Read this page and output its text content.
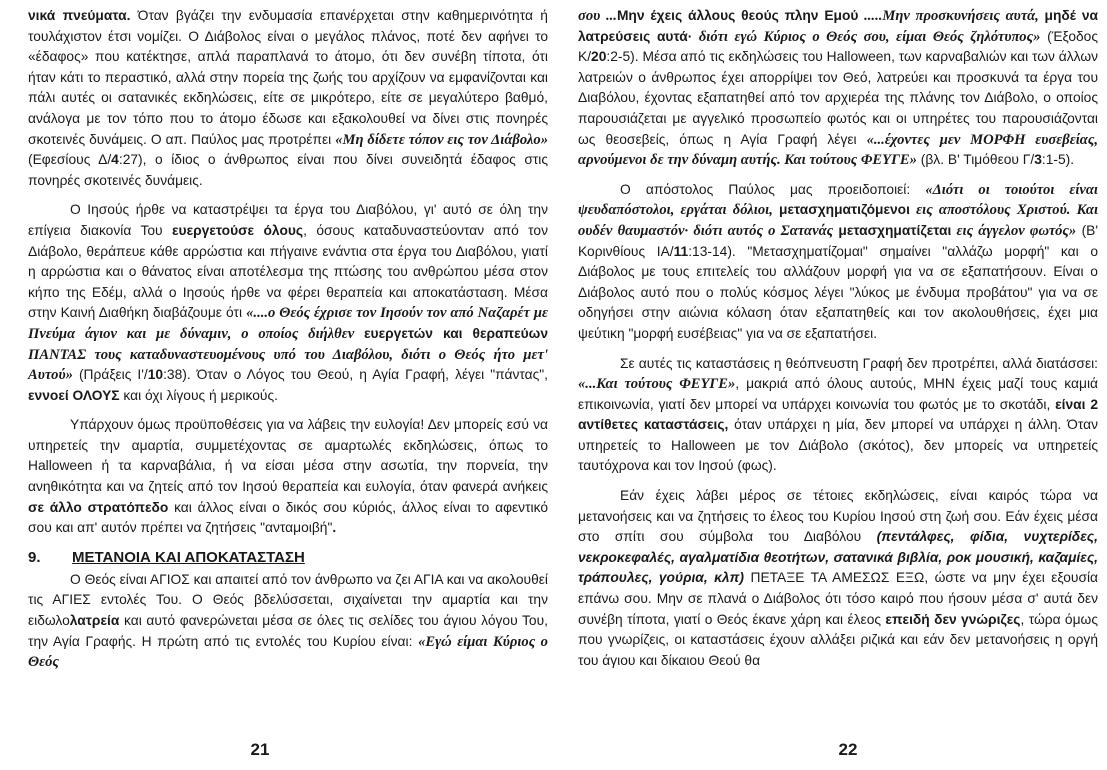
νικά πνεύματα. Όταν βγάζει την ενδυμασία επανέρχεται στην καθημερινότητα ή τουλάχιστον έτσι νομίζει. Ο Διάβολος είναι ο μεγάλος πλάνος, ποτέ δεν αφήνει το «έδαφος» που κατέκτησε, απλά παραπλανά το άτομο, ότι δεν συνέβη τίποτα, ότι ήταν κάτι το περαστικό, αλλά στην πορεία της ζωής του αρχίζουν να εμφανίζονται και πάλι αυτές οι σατανικές εκδηλώσεις, είτε σε μικρότερο, είτε σε μεγαλύτερο βαθμό, ανάλογα με τον τόπο που το άτομο έδωσε και εξακολουθεί να δίνει στις πονηρές σκοτεινές δυνάμεις. Ο απ. Παύλος μας προτρέπει «Μη δίδετε τόπον εις τον Διάβολο» (Εφεσίους Δ/4:27), ο ίδιος ο άνθρωπος είναι που δίνει συνειδητά έδαφος στις πονηρές σκοτεινές δυνάμεις.

Ο Ιησούς ήρθε να καταστρέψει τα έργα του Διαβόλου, γι' αυτό σε όλη την επίγεια διακονία Του ευεργετούσε όλους, όσους καταδυναστεύονταν από τον Διάβολο, θεράπευε κάθε αρρώστια και πήγαινε ενάντια στα έργα του Διαβόλου, γιατί η αρρώστια και ο θάνατος είναι αποτέλεσμα της πτώσης του ανθρώπου μέσα στον κήπο της Εδέμ, αλλά ο Ιησούς ήρθε να φέρει θεραπεία και αποκατάσταση. Μέσα στην Καινή Διαθήκη διαβάζουμε ότι «....ο Θεός έχρισε τον Ιησούν τον από Ναζαρέτ με Πνεύμα άγιον και με δύναμιν, ο οποίος διήλθεν ευεργετών και θεραπεύων ΠΑΝΤΑΣ τους καταδυναστευομένους υπό του Διαβόλου, διότι ο Θεός ήτο μετ' Αυτού» (Πράξεις Ι'/10:38). Όταν ο Λόγος του Θεού, η Αγία Γραφή, λέγει "πάντας", εννοεί ΟΛΟΥΣ και όχι λίγους ή μερικούς.

Υπάρχουν όμως προϋποθέσεις για να λάβεις την ευλογία! Δεν μπορείς εσύ να υπηρετείς την αμαρτία, συμμετέχοντας σε αμαρτωλές εκδηλώσεις, όπως το Halloween ή τα καρναβάλια, ή να είσαι μέσα στην ασωτία, την πορνεία, την ανηθικότητα και να ζητείς από τον Ιησού θεραπεία και ευλογία, όταν φανερά ανήκεις σε άλλο στρατόπεδο και άλλος είναι ο δικός σου κύριός, άλλος είναι το αφεντικό σου και απ' αυτόν πρέπει να ζητήσεις "ανταμοιβή".

9.	ΜΕΤΑΝΟΙΑ ΚΑΙ ΑΠΟΚΑΤΑΣΤΑΣΗ

Ο Θεός είναι ΑΓΙΟΣ και απαιτεί από τον άνθρωπο να ζει ΑΓΙΑ και να ακολουθεί τις ΑΓΙΕΣ εντολές Του. Ο Θεός βδελύσσεται, σιχαίνεται την αμαρτία και την ειδωλολατρεία και αυτό φανερώνεται μέσα σε όλες τις σελίδες του άγιου λόγου Του, την Αγία Γραφής. Η πρώτη από τις εντολές του Κυρίου είναι: «Εγώ είμαι Κύριος ο Θεός

21

σου ...Μην έχεις άλλους θεούς πλην Εμού .....Μην προσκυνήσεις αυτά, μηδέ να λατρεύσεις αυτά· διότι εγώ Κύριος ο Θεός σου, είμαι Θεός ζηλότυπος» (Έξοδος Κ/20:2-5). Μέσα από τις εκδηλώσεις του Halloween, των καρναβαλιών και των άλλων λατρειών ο άνθρωπος έχει απορρίψει τον Θεό, λατρεύει και προσκυνά τα έργα του Διαβόλου, έχοντας εξαπατηθεί από τον αρχιερέα της πλάνης τον Διάβολο, ο οποίος παρουσιάζεται με αγγελικό προσωπείο φωτός και οι υπηρέτες του παρουσιάζονται ως θεοσεβείς, όπως η Αγία Γραφή λέγει «...έχοντες μεν ΜΟΡΦΗ ευσεβείας, αρνούμενοι δε την δύναμη αυτής. Και τούτους ΦΕΥΓΕ» (βλ. Β' Τιμόθεου Γ/3:1-5).

Ο απόστολος Παύλος μας προειδοποιεί: «Διότι οι τοιούτοι είναι ψευδαπόστολοι, εργάται δόλιοι, μετασχηματιζόμενοι εις αποστόλους Χριστού. Και ουδέν θαυμαστόν· διότι αυτός ο Σατανάς μετασχηματίζεται εις άγγελον φωτός» (Β' Κορινθίους ΙΑ/11:13-14). "Μετασχηματίζομαι" σημαίνει "αλλάζω μορφή" και ο Διάβολος με τους επιτελείς του αλλάζουν μορφή για να σε εξαπατήσουν. Είναι ο Διάβολος αυτό που ο πολύς κόσμος λέγει "λύκος με ένδυμα προβάτου" για να σε οδηγήσει στην αιώνια κόλαση όταν εξαπατηθείς και τον ακολουθήσεις, έχει μια ψεύτικη "μορφή ευσέβειας" για να σε εξαπατήσει.

Σε αυτές τις καταστάσεις η θεόπνευστη Γραφή δεν προτρέπει, αλλά διατάσσει: «...Και τούτους ΦΕΥΓΕ», μακριά από όλους αυτούς, ΜΗΝ έχεις μαζί τους καμιά επικοινωνία, γιατί δεν μπορεί να υπάρχει κοινωνία του φωτός με το σκοτάδι, είναι 2 αντίθετες καταστάσεις, όταν υπάρχει η μία, δεν μπορεί να υπάρχει η άλλη. Όταν υπηρετείς το Halloween με τον Διάβολο (σκότος), δεν μπορείς να υπηρετείς ταυτόχρονα και τον Ιησού (φως).

Εάν έχεις λάβει μέρος σε τέτοιες εκδηλώσεις, είναι καιρός τώρα να μετανοήσεις και να ζητήσεις το έλεος του Κυρίου Ιησού στη ζωή σου. Εάν έχεις μέσα στο σπίτι σου σύμβολα του Διαβόλου (πεντάλφες, φίδια, νυχτερίδες, νεκροκεφαλές, αγαλματίδια θεοτήτων, σατανικά βιβλία, ροκ μουσική, καζαμίες, τράπουλες, γούρια, κλπ) ΠΕΤΑΞΕ ΤΑ ΑΜΕΣΩΣ ΕΞΩ, ώστε να μην έχει εξουσία επάνω σου. Μην σε πλανά ο Διάβολος ότι τόσο καιρό που ήσουν μέσα σ' αυτά δεν συνέβη τίποτα, γιατί ο Θεός έκανε χάρη και έλεος επειδή δεν γνώριζες, τώρα όμως που γνωρίζεις, οι καταστάσεις έχουν αλλάξει ριζικά και εάν δεν μετανοήσεις η οργή του άγιου και δίκαιου Θεού θα

22
